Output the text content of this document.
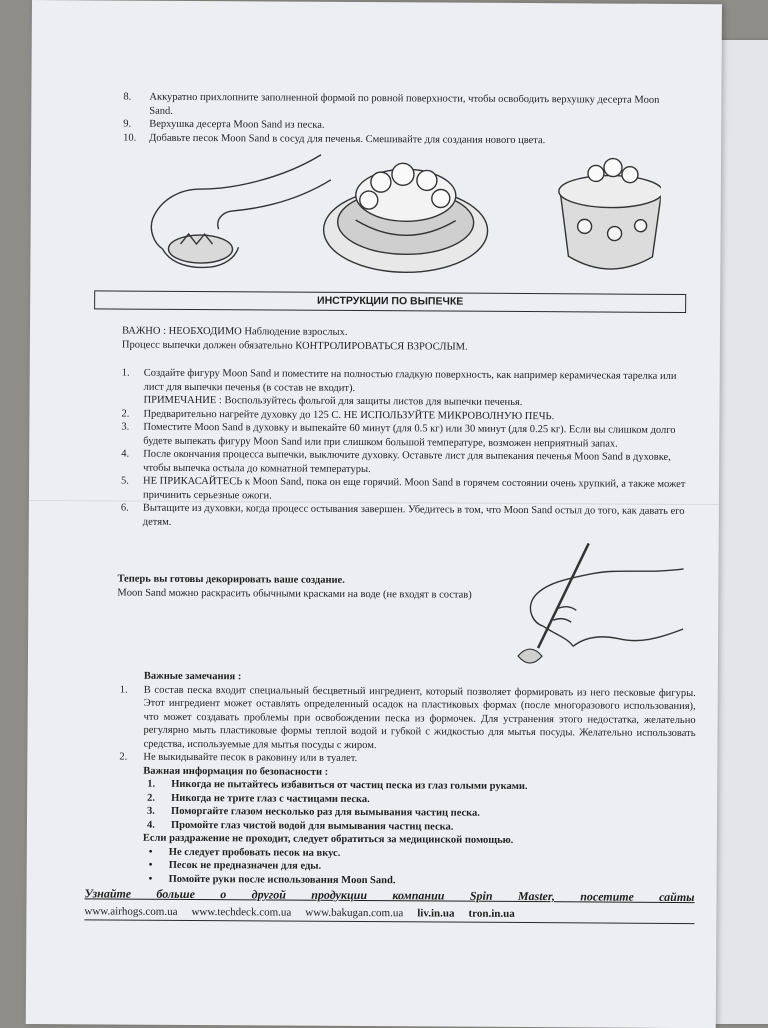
8.	Аккуратно прихлопните заполненной формой по ровной поверхности, чтобы освободить верхушку десерта Moon Sand.
9.	Верхушка десерта Moon Sand из песка.
10.	Добавьте песок Moon Sand в сосуд для печенья. Смешивайте для создания нового цвета.
ИНСТРУКЦИИ ПО ВЫПЕЧКЕ
ВАЖНО : НЕОБХОДИМО Наблюдение взрослых.
Процесс выпечки должен обязательно КОНТРОЛИРОВАТЬСЯ ВЗРОСЛЫМ.
1.	Создайте фигуру Moon Sand и поместите на полностью гладкую поверхность, как например керамическая тарелка или лист для выпечки печенья (в состав не входит).
ПРИМЕЧАНИЕ : Воспользуйтесь фольгой для защиты листов для выпечки печенья.
2.	Предварительно нагрейте духовку до 125 С. НЕ ИСПОЛЬЗУЙТЕ МИКРОВОЛНУЮ ПЕЧЬ.
3.	Поместите Moon Sand в духовку и выпекайте 60 минут (для 0.5 кг) или 30 минут (для 0.25 кг). Если вы слишком долго будете выпекать фигуру Moon Sand или при слишком большой температуре, возможен неприятный запах.
4.	После окончания процесса выпечки, выключите духовку. Оставьте лист для выпекания печенья Moon Sand в духовке, чтобы выпечка остыла до комнатной температуры.
5.	НЕ ПРИКАСАЙТЕСЬ к Moon Sand, пока он еще горячий. Moon Sand в горячем состоянии очень хрупкий, а также может причинить серьезные ожоги.
6.	Вытащите из духовки, когда процесс остывания завершен. Убедитесь в том, что Moon Sand остыл до того, как давать его детям.
Теперь вы готовы декорировать ваше создание.
Moon Sand можно раскрасить обычными красками на воде (не входят в состав)
Важные замечания :
1.	В состав песка входит специальный бесцветный ингредиент, который позволяет формировать из него песковые фигуры. Этот ингредиент может оставлять определенный осадок на пластиковых формах (после многоразового использования), что может создавать проблемы при освобождении песка из формочек. Для устранения этого недостатка, желательно регулярно мыть пластиковые формы теплой водой и губкой с жидкостью для мытья посуды. Желательно использовать средства, используемые для мытья посуды с жиром.
2.	Не выкидывайте песок в раковину или в туалет.
Важная информация по безопасности :
1.	Никогда не пытайтесь избавиться от частиц песка из глаз голыми руками.
2.	Никогда не трите глаз с частицами песка.
3.	Поморгайте глазом несколько раз для вымывания частиц песка.
4.	Промойте глаз чистой водой для вымывания частиц песка.
Если раздражение не проходит, следует обратиться за медицинской помощью.
•	Не следует пробовать песок на вкус.
•	Песок не предназначен для еды.
•	Помойте руки после использования Moon Sand.
Узнайте больше о другой продукции компании Spin Master, посетите сайты
www.airhogs.com.ua www.techdeck.com.ua www.bakugan.com.ua liv.in.ua tron.in.ua
